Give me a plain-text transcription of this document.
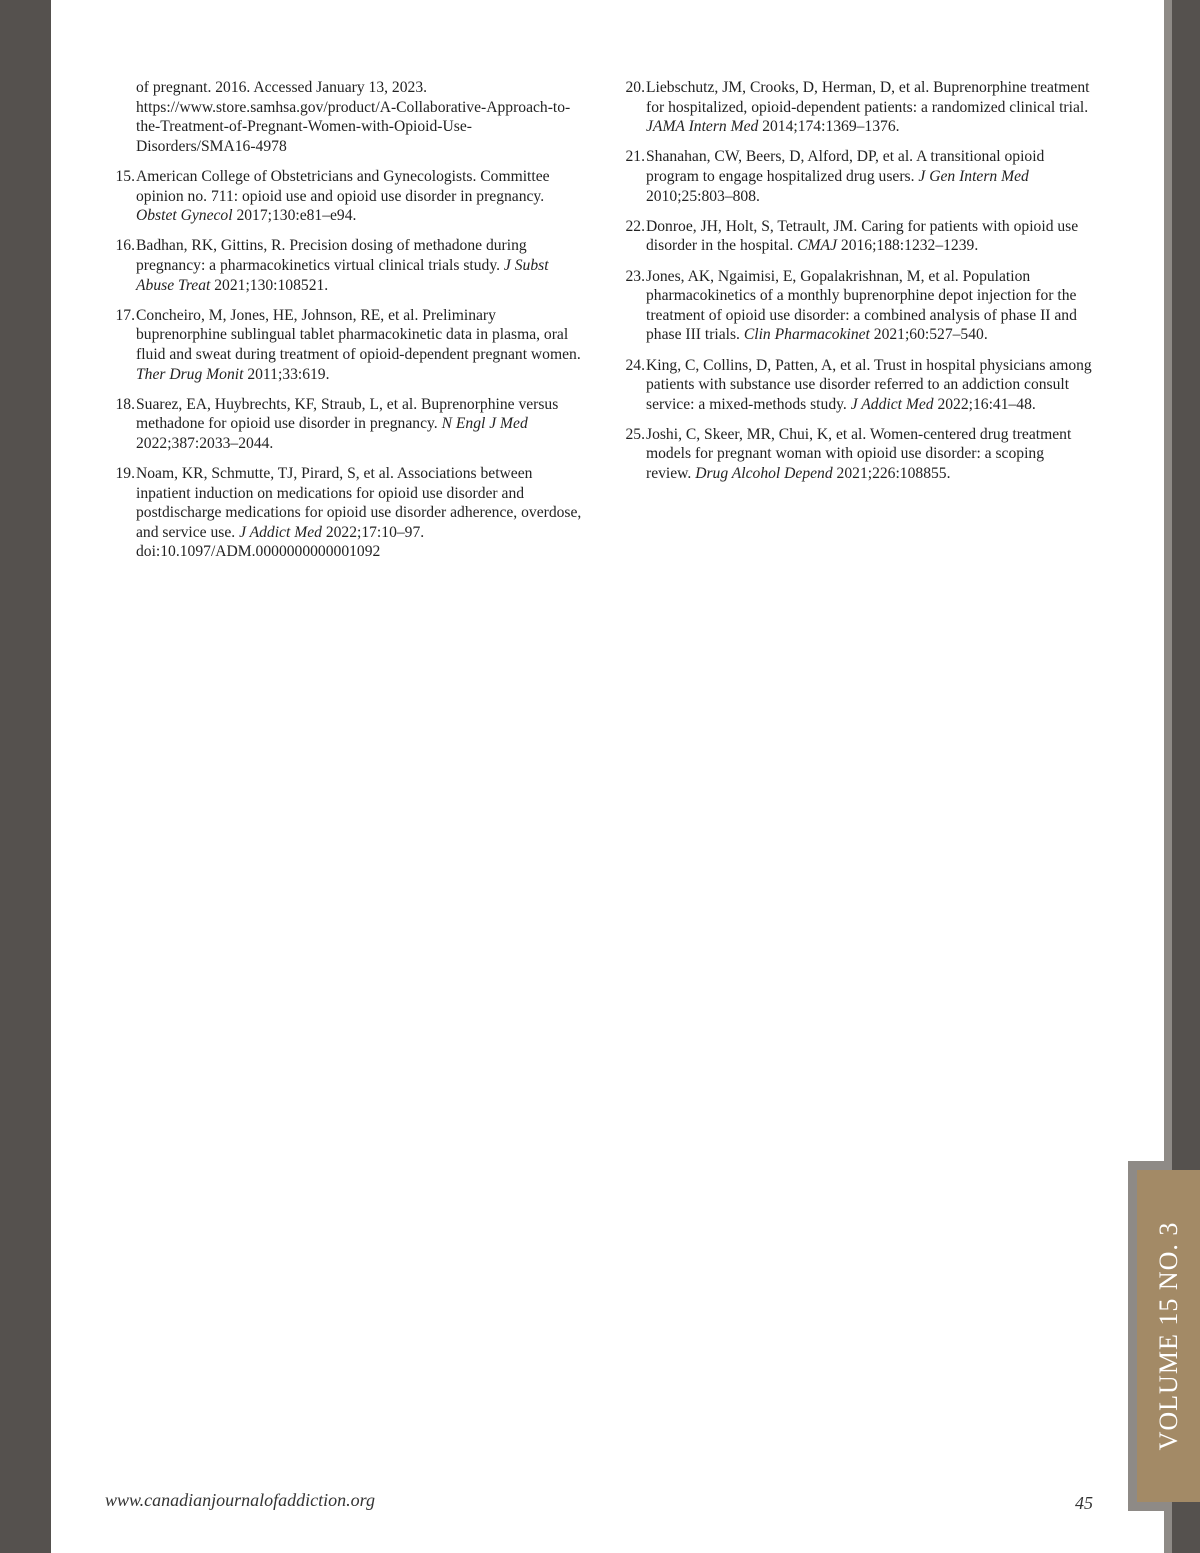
of pregnant. 2016. Accessed January 13, 2023. https://www.store.samhsa.gov/product/A-Collaborative-Approach-to-the-Treatment-of-Pregnant-Women-with-Opioid-Use-Disorders/SMA16-4978
15. American College of Obstetricians and Gynecologists. Committee opinion no. 711: opioid use and opioid use disorder in pregnancy. Obstet Gynecol 2017;130:e81–e94.
16. Badhan, RK, Gittins, R. Precision dosing of methadone during pregnancy: a pharmacokinetics virtual clinical trials study. J Subst Abuse Treat 2021;130:108521.
17. Concheiro, M, Jones, HE, Johnson, RE, et al. Preliminary buprenorphine sublingual tablet pharmacokinetic data in plasma, oral fluid and sweat during treatment of opioid-dependent pregnant women. Ther Drug Monit 2011;33:619.
18. Suarez, EA, Huybrechts, KF, Straub, L, et al. Buprenorphine versus methadone for opioid use disorder in pregnancy. N Engl J Med 2022;387:2033–2044.
19. Noam, KR, Schmutte, TJ, Pirard, S, et al. Associations between inpatient induction on medications for opioid use disorder and postdischarge medications for opioid use disorder adherence, overdose, and service use. J Addict Med 2022;17:10–97. doi:10.1097/ADM.0000000000001092
20. Liebschutz, JM, Crooks, D, Herman, D, et al. Buprenorphine treatment for hospitalized, opioid-dependent patients: a randomized clinical trial. JAMA Intern Med 2014;174:1369–1376.
21. Shanahan, CW, Beers, D, Alford, DP, et al. A transitional opioid program to engage hospitalized drug users. J Gen Intern Med 2010;25:803–808.
22. Donroe, JH, Holt, S, Tetrault, JM. Caring for patients with opioid use disorder in the hospital. CMAJ 2016;188:1232–1239.
23. Jones, AK, Ngaimisi, E, Gopalakrishnan, M, et al. Population pharmacokinetics of a monthly buprenorphine depot injection for the treatment of opioid use disorder: a combined analysis of phase II and phase III trials. Clin Pharmacokinet 2021;60:527–540.
24. King, C, Collins, D, Patten, A, et al. Trust in hospital physicians among patients with substance use disorder referred to an addiction consult service: a mixed-methods study. J Addict Med 2022;16:41–48.
25. Joshi, C, Skeer, MR, Chui, K, et al. Women-centered drug treatment models for pregnant woman with opioid use disorder: a scoping review. Drug Alcohol Depend 2021;226:108855.
VOLUME 15 NO. 3
www.canadianjournalofaddiction.org	45
